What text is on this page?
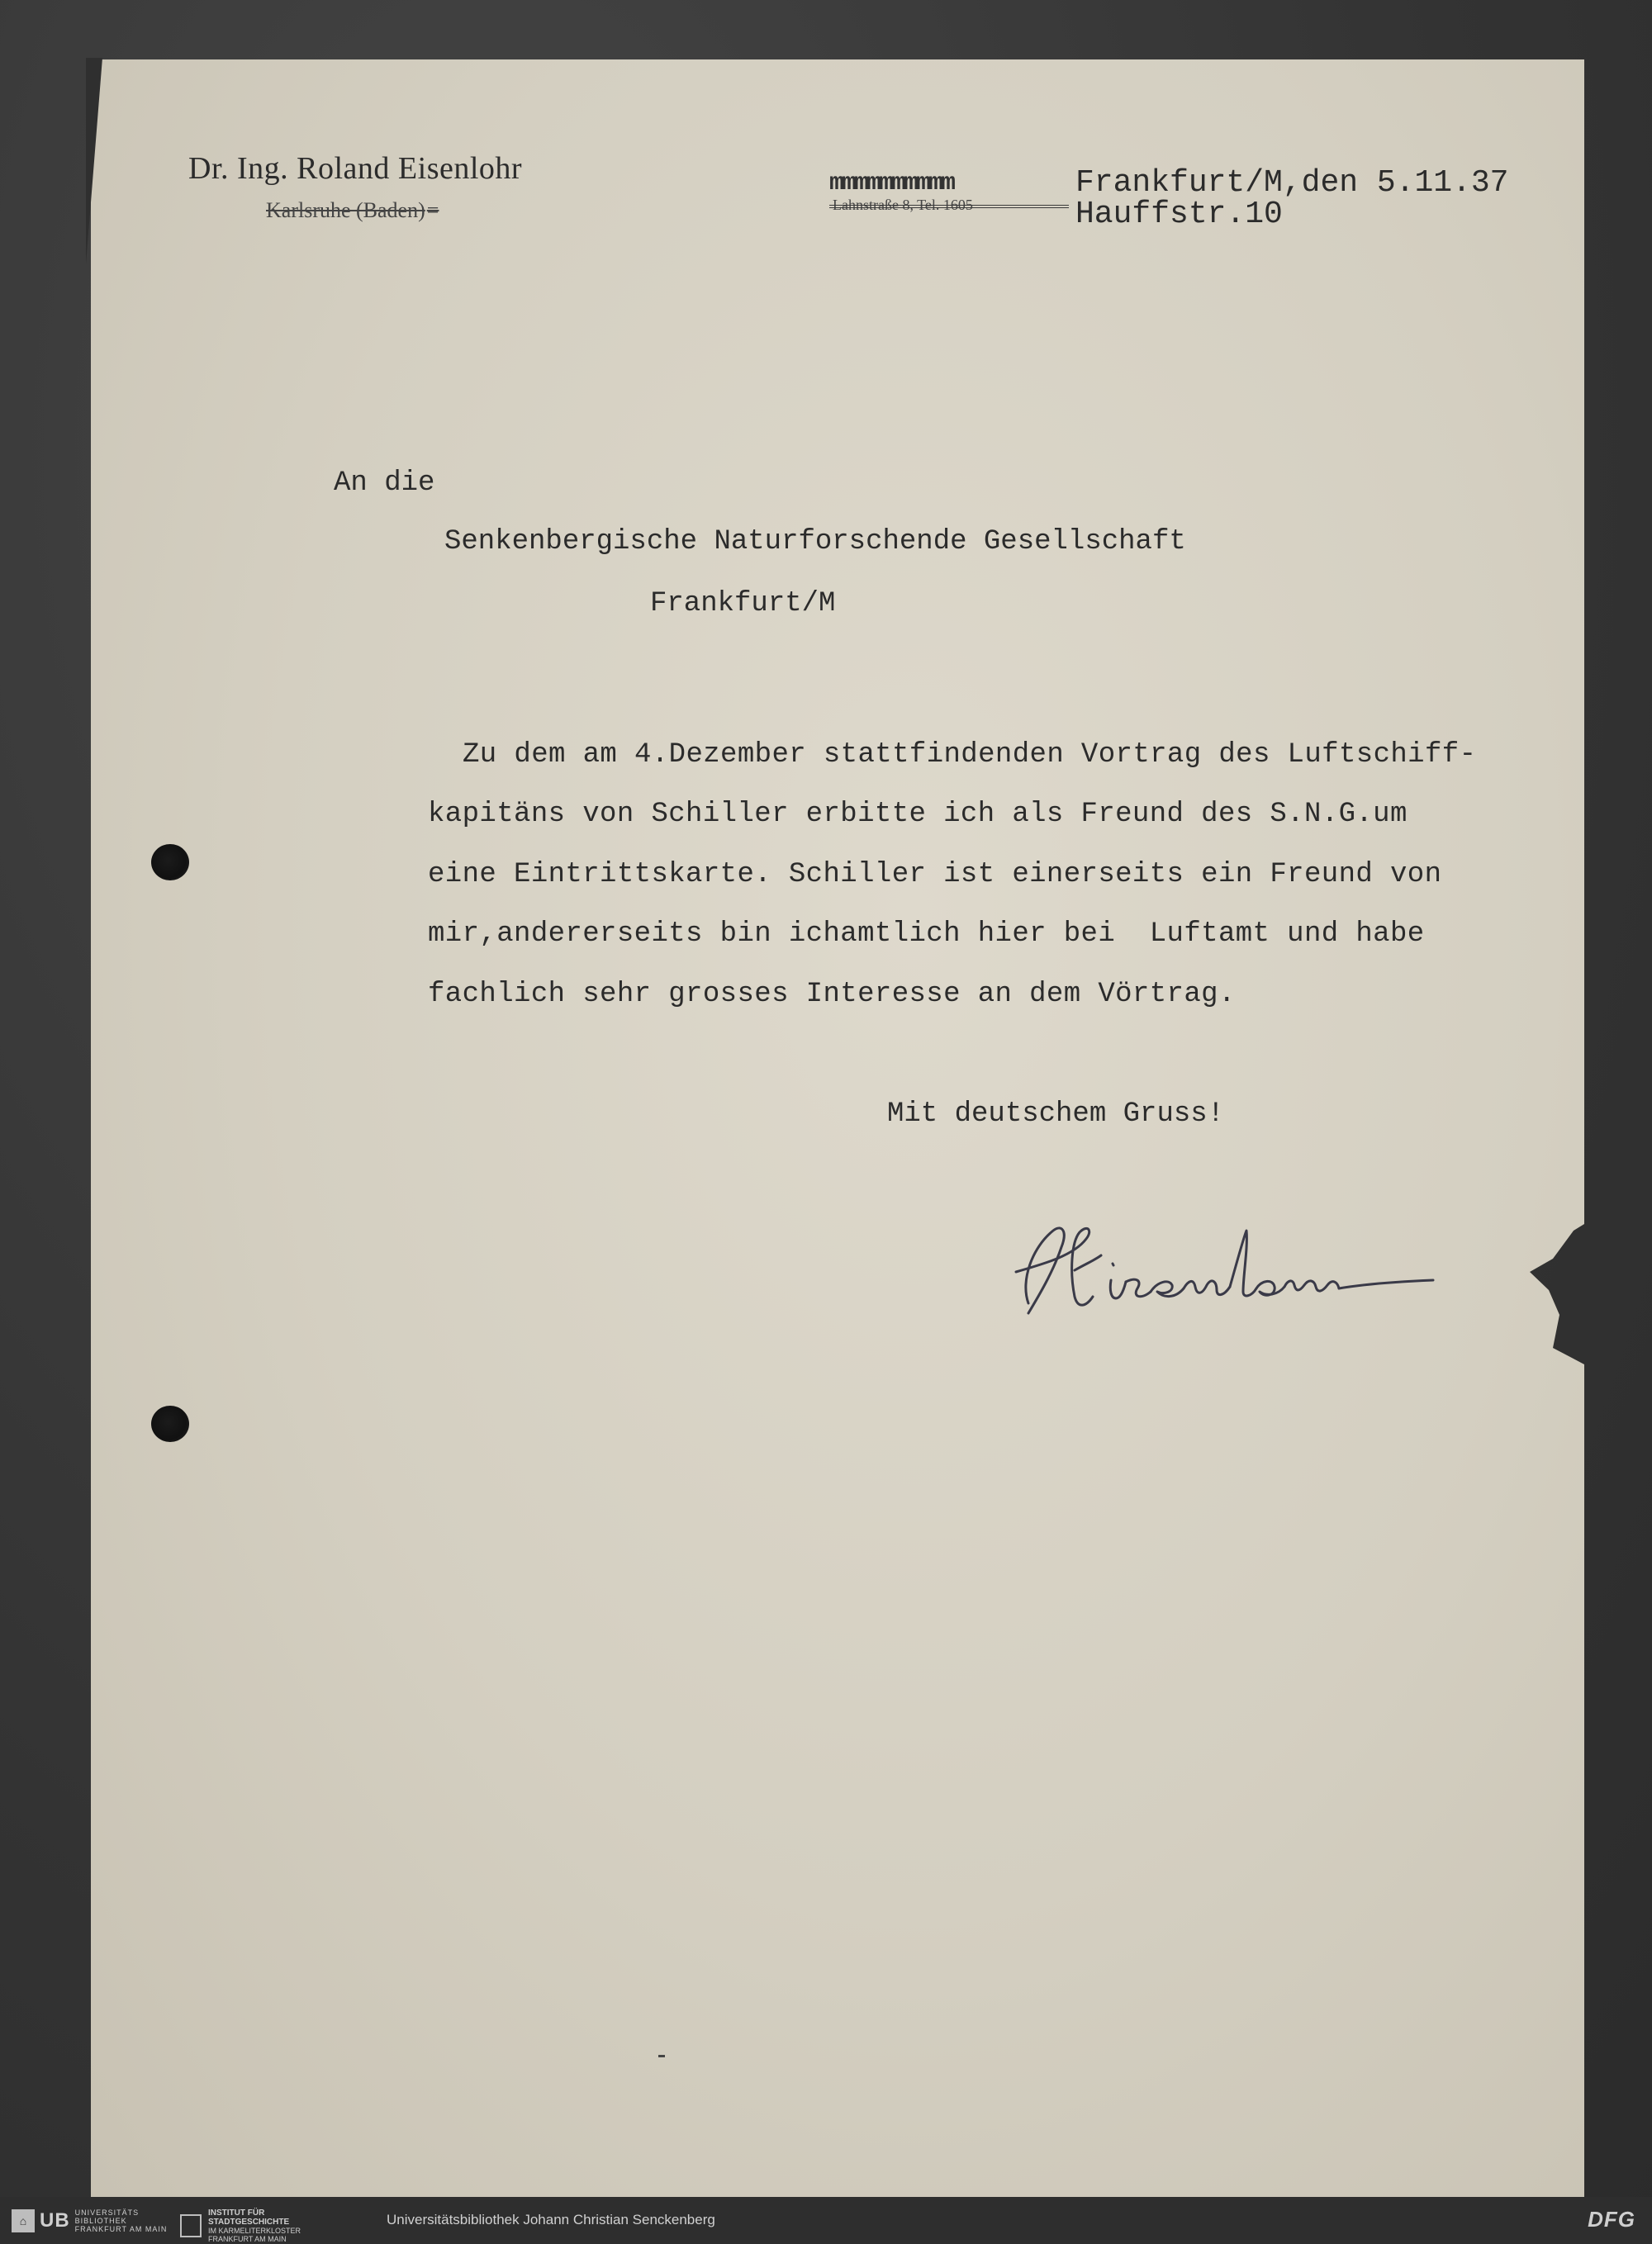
Dr. Ing. Roland Eisenlohr
Karlsruhe (Baden) =
mmmmmmmmmm
Lahnstraße 8, Tel. 1605
Frankfurt/M,den 5.11.37
Hauffstr.10
An die
Senkenbergische Naturforschende Gesellschaft
Frankfurt/M
Zu dem am 4.Dezember stattfindenden Vortrag des Luftschiff-
kapitäns von Schiller erbitte ich als Freund des S.N.G.um
eine Eintrittskarte. Schiller ist einerseits ein Freund von
mir,andererseits bin ichamtlich hier bei  Luftamt und habe
fachlich sehr grosses Interesse an dem Vörtrag.
Mit deutschem Gruss!
⌂ UB UNIVERSITÄTS
BIBLIOTHEK
FRANKFURT AM MAIN
INSTITUT FÜR
STADTGESCHICHTE
IM KARMELITERKLOSTER
FRANKFURT AM MAIN
Universitätsbibliothek Johann Christian Senckenberg	DFG
